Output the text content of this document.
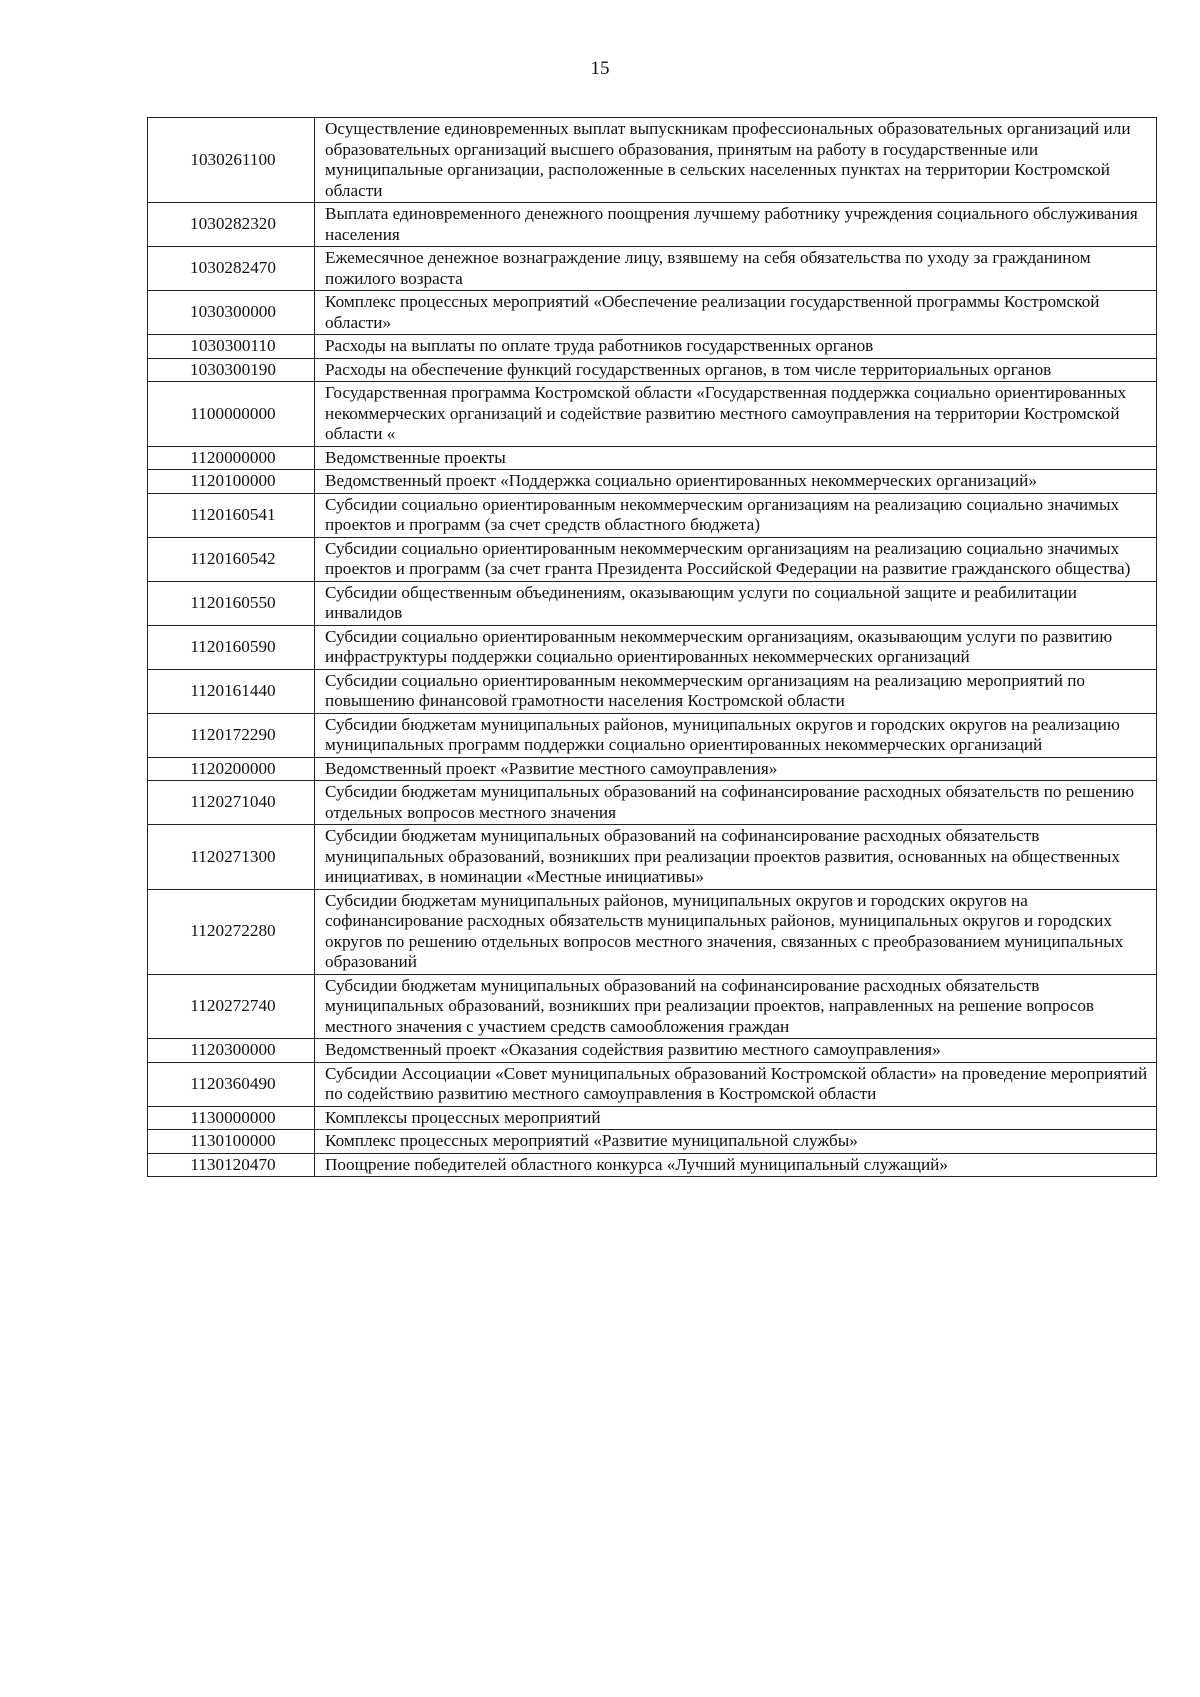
15
1030261100	Осуществление единовременных выплат выпускникам профессиональных образовательных организаций или образовательных организаций высшего образования, принятым на работу в государственные или муниципальные организации, расположенные в сельских населенных пунктах на территории Костромской области
1030282320	Выплата единовременного денежного поощрения лучшему работнику учреждения социального обслуживания населения
1030282470	Ежемесячное денежное вознаграждение лицу, взявшему на себя обязательства по уходу за гражданином пожилого возраста
1030300000	Комплекс процессных мероприятий «Обеспечение реализации государственной программы Костромской области»
1030300110	Расходы на выплаты по оплате труда работников государственных органов
1030300190	Расходы на обеспечение функций государственных органов, в том числе территориальных органов
1100000000	Государственная программа Костромской области «Государственная поддержка социально ориентированных некоммерческих организаций и содействие развитию местного самоуправления на территории Костромской области «
1120000000	Ведомственные проекты
1120100000	Ведомственный проект «Поддержка социально ориентированных некоммерческих организаций»
1120160541	Субсидии социально ориентированным некоммерческим организациям на реализацию социально значимых проектов и программ (за счет средств областного бюджета)
1120160542	Субсидии социально ориентированным некоммерческим организациям на реализацию социально значимых проектов и программ (за счет гранта Президента Российской Федерации на развитие гражданского общества)
1120160550	Субсидии общественным объединениям, оказывающим услуги по социальной защите и реабилитации инвалидов
1120160590	Субсидии социально ориентированным некоммерческим организациям, оказывающим услуги по развитию инфраструктуры поддержки социально ориентированных некоммерческих организаций
1120161440	Субсидии социально ориентированным некоммерческим организациям на реализацию мероприятий по повышению финансовой грамотности населения Костромской области
1120172290	Субсидии бюджетам муниципальных районов, муниципальных округов и городских округов на реализацию муниципальных программ поддержки социально ориентированных некоммерческих организаций
1120200000	Ведомственный проект «Развитие местного самоуправления»
1120271040	Субсидии бюджетам муниципальных образований на софинансирование расходных обязательств по решению отдельных вопросов местного значения
1120271300	Субсидии бюджетам муниципальных образований на софинансирование расходных обязательств муниципальных образований, возникших при реализации проектов развития, основанных на общественных инициативах, в номинации «Местные инициативы»
1120272280	Субсидии бюджетам муниципальных районов, муниципальных округов и городских округов на софинансирование расходных обязательств муниципальных районов, муниципальных округов и городских округов по решению отдельных вопросов местного значения, связанных с преобразованием муниципальных образований
1120272740	Субсидии бюджетам муниципальных образований на софинансирование расходных обязательств муниципальных образований, возникших при реализации проектов, направленных на решение вопросов местного значения с участием средств самообложения граждан
1120300000	Ведомственный проект «Оказания содействия развитию местного самоуправления»
1120360490	Субсидии Ассоциации «Совет муниципальных образований Костромской области» на проведение мероприятий по содействию развитию местного самоуправления в Костромской области
1130000000	Комплексы процессных мероприятий
1130100000	Комплекс процессных мероприятий «Развитие муниципальной службы»
1130120470	Поощрение победителей областного конкурса «Лучший муниципальный служащий»
